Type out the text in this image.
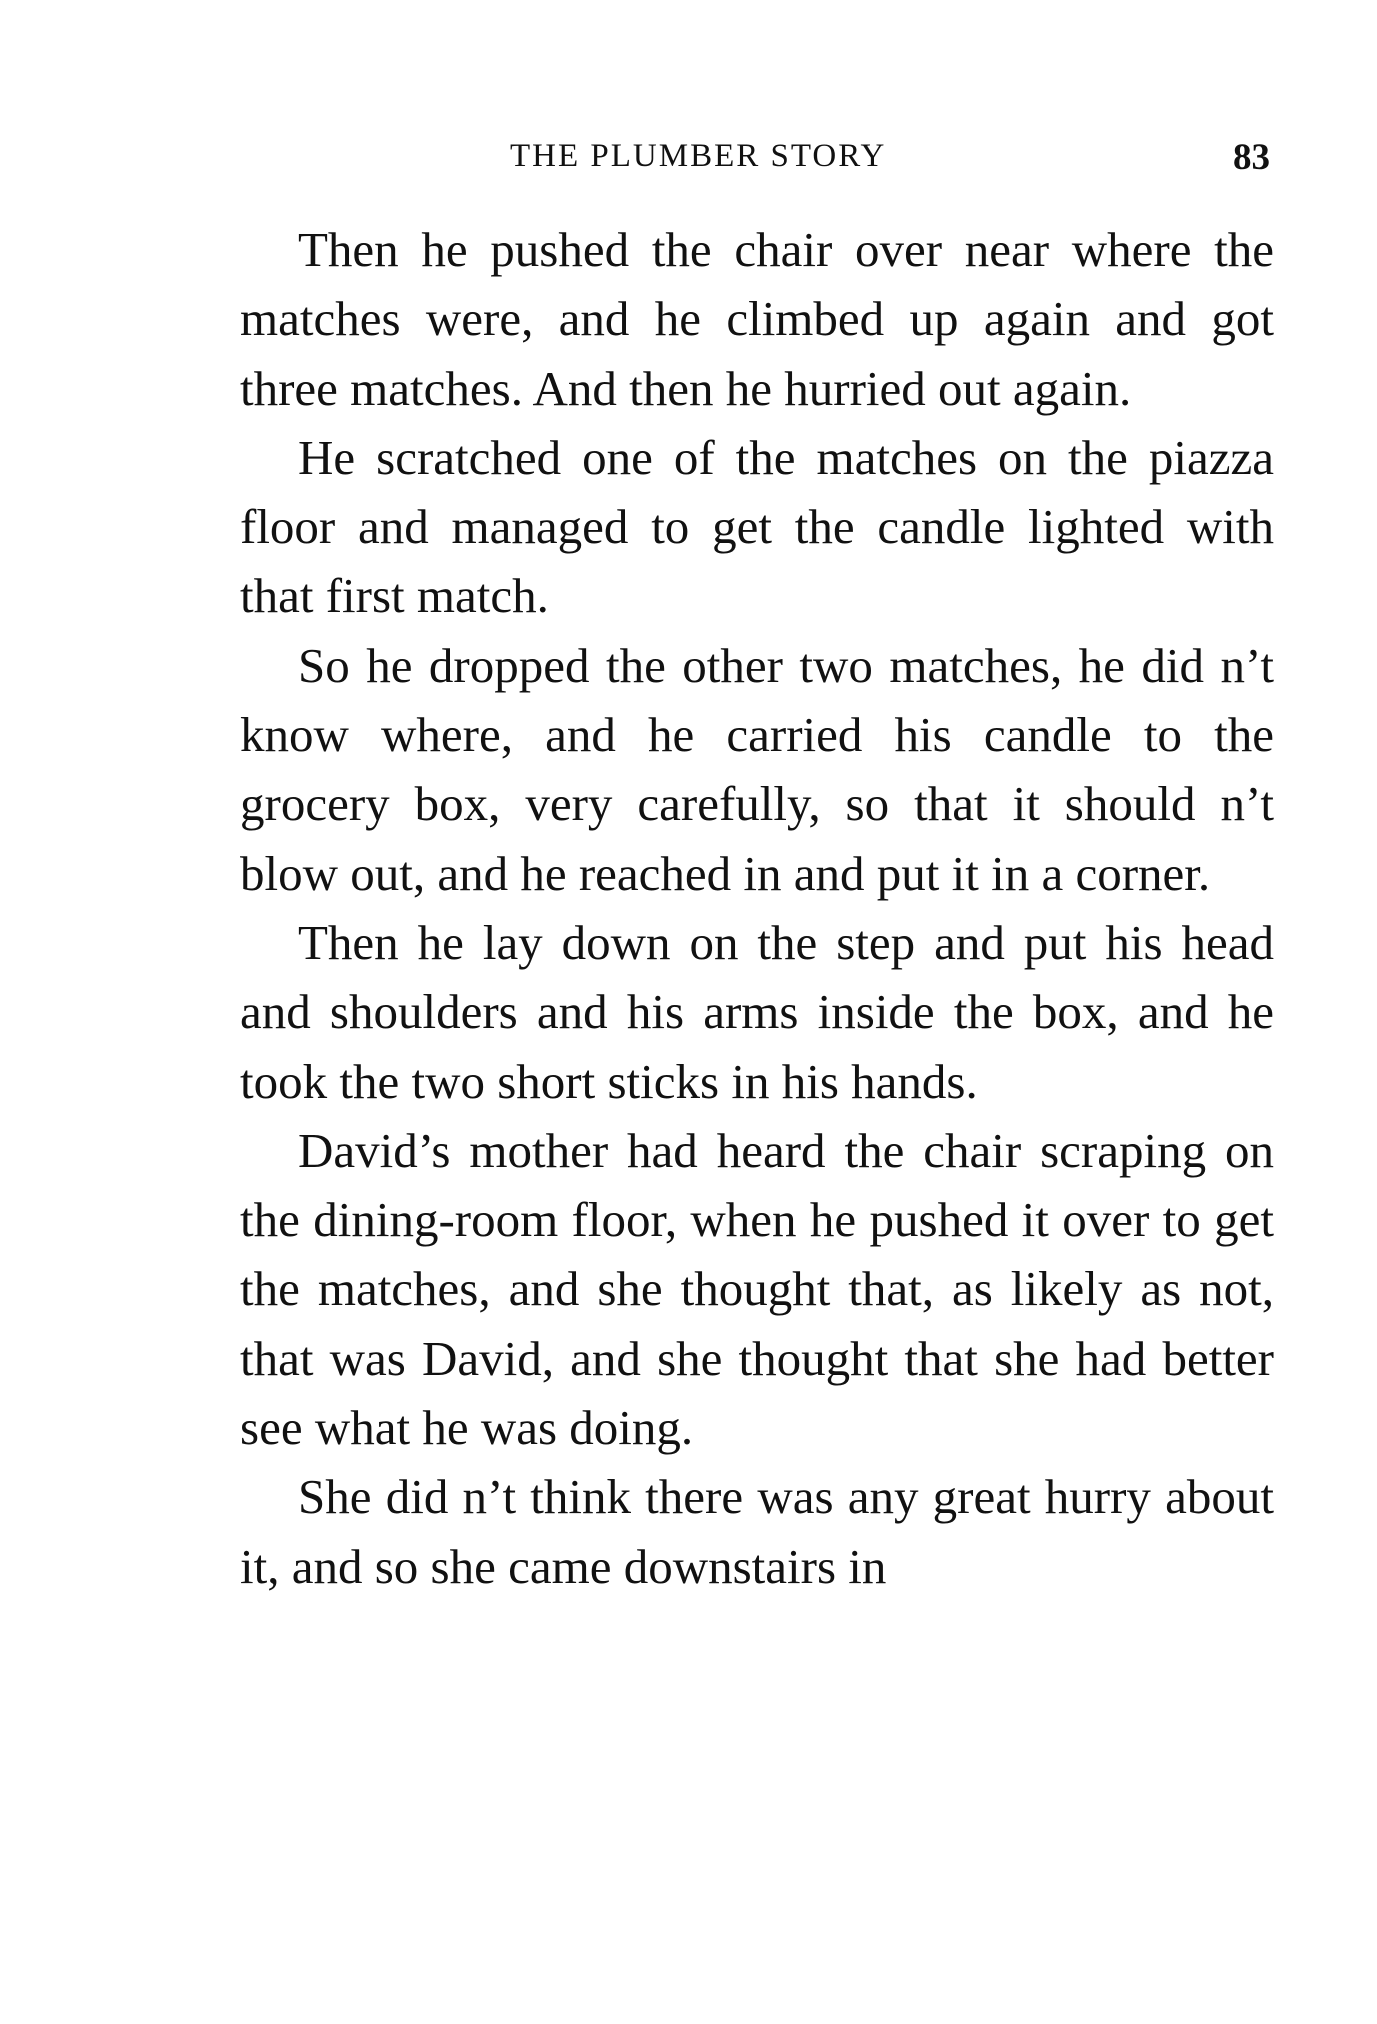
THE PLUMBER STORY	83

Then he pushed the chair over near where the matches were, and he climbed up again and got three matches. And then he hurried out again.

He scratched one of the matches on the piazza floor and managed to get the candle lighted with that first match.

So he dropped the other two matches, he did n’t know where, and he carried his candle to the grocery box, very carefully, so that it should n’t blow out, and he reached in and put it in a corner.

Then he lay down on the step and put his head and shoulders and his arms inside the box, and he took the two short sticks in his hands.

David’s mother had heard the chair scraping on the dining-room floor, when he pushed it over to get the matches, and she thought that, as likely as not, that was David, and she thought that she had better see what he was doing.

She did n’t think there was any great hurry about it, and so she came downstairs in
